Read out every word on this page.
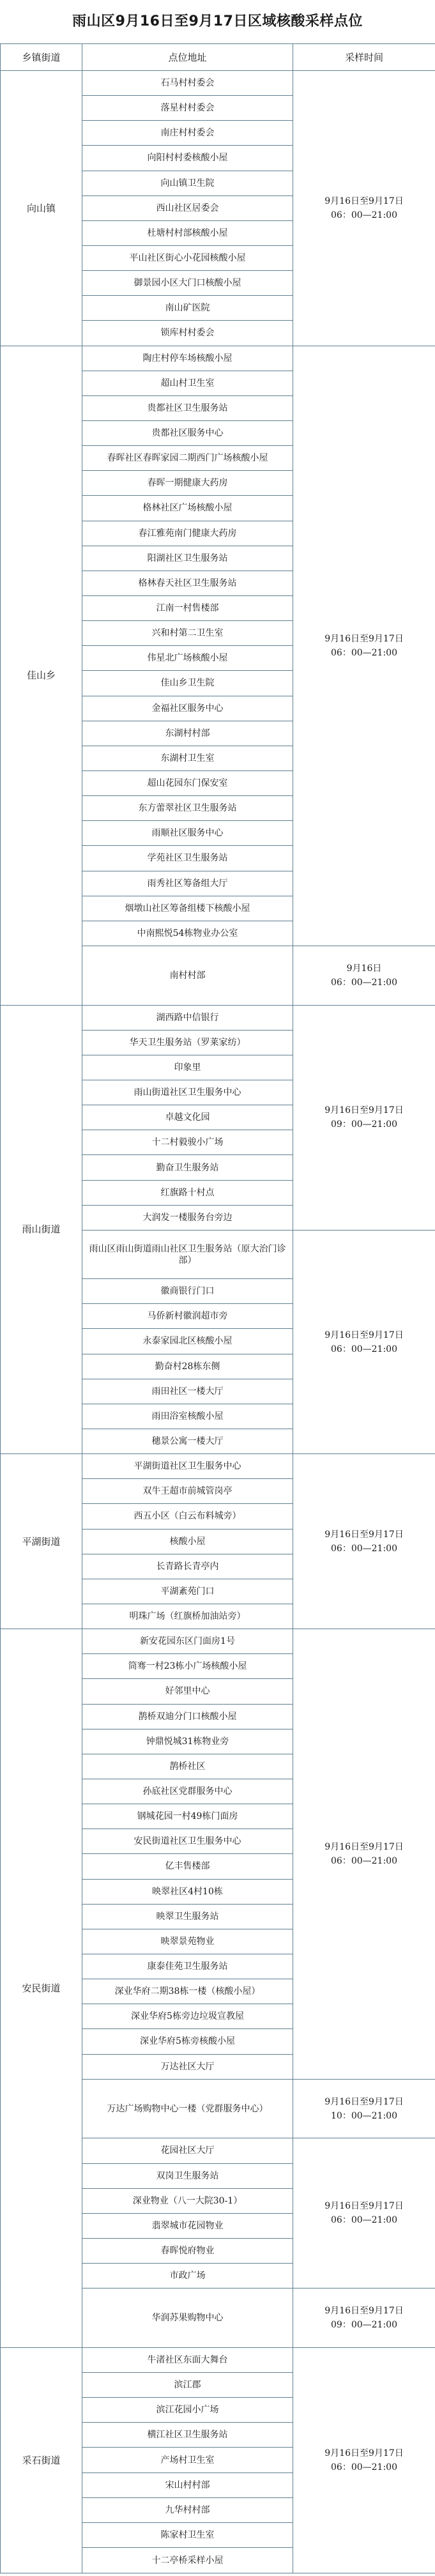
雨山区9月16日至9月17日区域核酸采样点位
乡镇街道	点位地址	采样时间
向山镇	石马村村委会	9月16日至9月17日
06：00—21:00
	落星村村委会	
	南庄村村委会	
	向阳村村委核酸小屋	
	向山镇卫生院	
	西山社区居委会	
	杜塘村村部核酸小屋	
	平山社区街心小花园核酸小屋	
	御景园小区大门口核酸小屋	
	南山矿医院	
	锁库村村委会	
佳山乡	陶庄村停车场核酸小屋	9月16日至9月17日
06：00—21:00
	超山村卫生室	
	贵都社区卫生服务站	
	贵都社区服务中心	
	春晖社区春晖家园二期西门广场核酸小屋	
	春晖一期健康大药房	
	格林社区广场核酸小屋	
	春江雅苑南门健康大药房	
	阳湖社区卫生服务站	
	格林春天社区卫生服务站	
	江南一村售楼部	
	兴和村第二卫生室	
	伟星北广场核酸小屋	
	佳山乡卫生院	
	金福社区服务中心	
	东湖村村部	
	东湖村卫生室	
	超山花园东门保安室	
	东方蕾翠社区卫生服务站	
	雨顺社区服务中心	
	学苑社区卫生服务站	
	雨秀社区筹备组大厅	
	烟墩山社区筹备组楼下核酸小屋	
	中南熙悦54栋物业办公室	
	南村村部	9月16日
06：00—21:00
雨山街道	湖西路中信银行	9月16日至9月17日
09：00—21:00
	华天卫生服务站（罗莱家纺）	
	印象里	
	雨山街道社区卫生服务中心	
	卓越文化园	
	十二村毅骏小广场	
	勤奋卫生服务站	
	红旗路十村点	
	大润发一楼服务台旁边	
	雨山区雨山街道雨山社区卫生服务站（原大治门诊部）	9月16日至9月17日
06：00—21:00
	徽商银行门口	
	马侨新村徽润超市旁	
	永泰家园北区核酸小屋	
	勤奋村28栋东侧	
	雨田社区一楼大厅	
	雨田浴室核酸小屋	
	穗景公寓一楼大厅	
平湖街道	平湖街道社区卫生服务中心	9月16日至9月17日
06：00—21:00
	双牛王超市前城管岗亭	
	西五小区（白云布料城旁）	
	核酸小屋	
	长青路长青亭内	
	平湖紊苑门口	
	明珠广场（红旗桥加油站旁）	
安民街道	新安花园东区门面房1号	9月16日至9月17日
06：00—21:00
	筒骞一村23栋小广场核酸小屋	
	好邻里中心	
	鹊桥双迪分门口核酸小屋	
	钟鼎悦城31栋物业旁	
	鹊桥社区	
	孙底社区党群服务中心	
	钢城花园一村49栋门面房	
	安民街道社区卫生服务中心	
	亿丰售楼部	
	映翠社区4村10栋	
	映翠卫生服务站	
	映翠景苑物业	
	康泰佳苑卫生服务站	
	深业华府二期38栋一楼（核酸小屋）	
	深业华府5栋旁边垃圾宣教屋	
	深业华府5栋旁核酸小屋	
	万达社区大厅	
	万达广场购物中心一楼（党群服务中心）	9月16日至9月17日
10：00—21:00
	花园社区大厅	9月16日至9月17日
06：00—21:00
	双岗卫生服务站	
	深业物业（八一大院30-1）	
	翡翠城市花园物业	
	春晖悦府物业	
	市政广场	
	华润苏果购物中心	9月16日至9月17日
09：00—21:00
采石街道	牛渚社区东面大舞台	9月16日至9月17日
06：00—21:00
	滨江郡	
	滨江花园小广场	
	横江社区卫生服务站	
	产场村卫生室	
	宋山村村部	
	九华村村部	
	陈家村卫生室	
	十二亭桥采样小屋	
